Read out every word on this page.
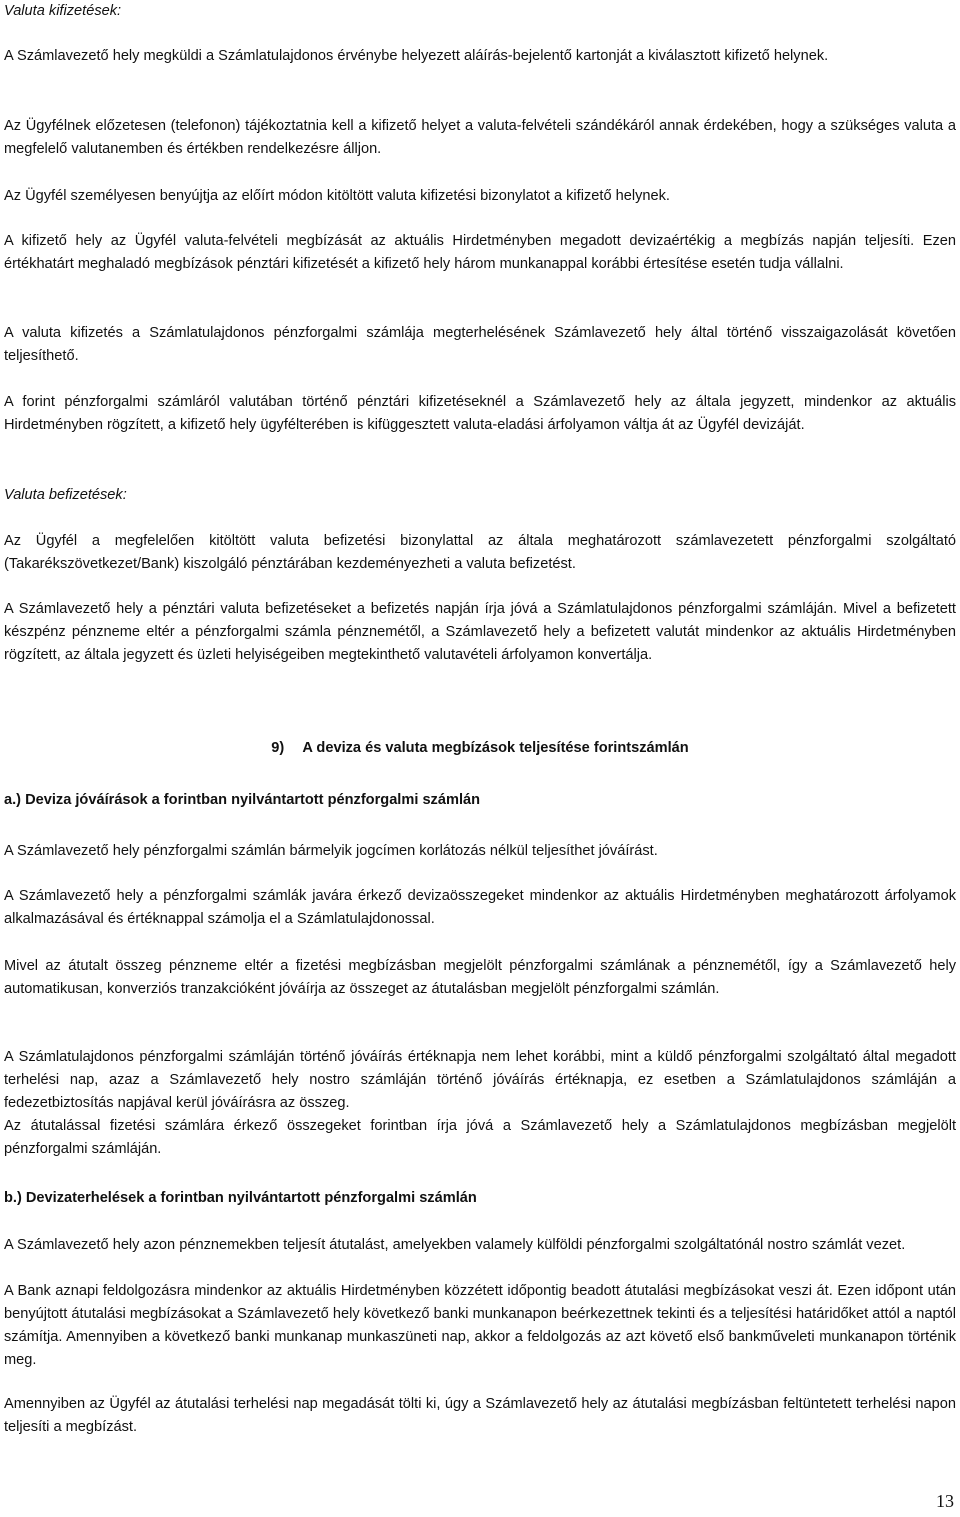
Valuta kifizetések:

A Számlavezető hely megküldi a Számlatulajdonos érvénybe helyezett aláírás-bejelentő kartonját a kiválasztott kifizető helynek.

Az Ügyfélnek előzetesen (telefonon) tájékoztatnia kell a kifizető helyet a valuta-felvételi szándékáról annak érdekében, hogy a szükséges valuta a megfelelő valutanemben és értékben rendelkezésre álljon.

Az Ügyfél személyesen benyújtja az előírt módon kitöltött valuta kifizetési bizonylatot a kifizető helynek.

A kifizető hely az Ügyfél valuta-felvételi megbízását az aktuális Hirdetményben megadott devizaértékig a megbízás napján teljesíti. Ezen értékhatárt meghaladó megbízások pénztári kifizetését a kifizető hely három munkanappal korábbi értesítése esetén tudja vállalni.

A valuta kifizetés a Számlatulajdonos pénzforgalmi számlája megterhelésének Számlavezető hely által történő visszaigazolását követően teljesíthető.

A forint pénzforgalmi számláról valutában történő pénztári kifizetéseknél a Számlavezető hely az általa jegyzett, mindenkor az aktuális Hirdetményben rögzített, a kifizető hely ügyfélterében is kifüggesztett valuta-eladási árfolyamon váltja át az Ügyfél devizáját.

Valuta befizetések:

Az Ügyfél a megfelelően kitöltött valuta befizetési bizonylattal az általa meghatározott számlavezetett pénzforgalmi szolgáltató (Takarékszövetkezet/Bank) kiszolgáló pénztárában kezdeményezheti a valuta befizetést.

A Számlavezető hely a pénztári valuta befizetéseket a befizetés napján írja jóvá a Számlatulajdonos pénzforgalmi számláján. Mivel a befizetett készpénz pénzneme eltér a pénzforgalmi számla pénznemétől, a Számlavezető hely a befizetett valutát mindenkor az aktuális Hirdetményben rögzített, az általa jegyzett és üzleti helyiségeiben megtekinthető valutavételi árfolyamon konvertálja.

9)  A deviza és valuta megbízások teljesítése forintszámlán

a.) Deviza jóváírások a forintban nyilvántartott pénzforgalmi számlán

A Számlavezető hely pénzforgalmi számlán bármelyik jogcímen korlátozás nélkül teljesíthet jóváírást.

A Számlavezető hely a pénzforgalmi számlák javára érkező devizaösszegeket mindenkor az aktuális Hirdetményben meghatározott árfolyamok alkalmazásával és értéknappal számolja el a Számlatulajdonossal.

Mivel az átutalt összeg pénzneme eltér a fizetési megbízásban megjelölt pénzforgalmi számlának a pénznemétől, így a Számlavezető hely automatikusan, konverziós tranzakcióként jóváírja az összeget az átutalásban megjelölt pénzforgalmi számlán.

A Számlatulajdonos pénzforgalmi számláján történő jóváírás értéknapja nem lehet korábbi, mint a küldő pénzforgalmi szolgáltató által megadott terhelési nap, azaz a Számlavezető hely nostro számláján történő jóváírás értéknapja, ez esetben a Számlatulajdonos számláján a fedezetbiztosítás napjával kerül jóváírásra az összeg.

Az átutalással fizetési számlára érkező összegeket forintban írja jóvá a Számlavezető hely a Számlatulajdonos megbízásban megjelölt pénzforgalmi számláján.

b.) Devizaterhelések a forintban nyilvántartott pénzforgalmi számlán

A Számlavezető hely azon pénznemekben teljesít átutalást, amelyekben valamely külföldi pénzforgalmi szolgáltatónál nostro számlát vezet.

A Bank aznapi feldolgozásra mindenkor az aktuális Hirdetményben közzétett időpontig beadott átutalási megbízásokat veszi át. Ezen időpont után benyújtott átutalási megbízásokat a Számlavezető hely következő banki munkanapon beérkezettnek tekinti és a teljesítési határidőket attól a naptól számítja. Amennyiben a következő banki munkanap munkaszüneti nap, akkor a feldolgozás az azt követő első bankműveleti munkanapon történik meg.

Amennyiben az Ügyfél az átutalási terhelési nap megadását tölti ki, úgy a Számlavezető hely az átutalási megbízásban feltüntetett terhelési napon teljesíti a megbízást.

13
